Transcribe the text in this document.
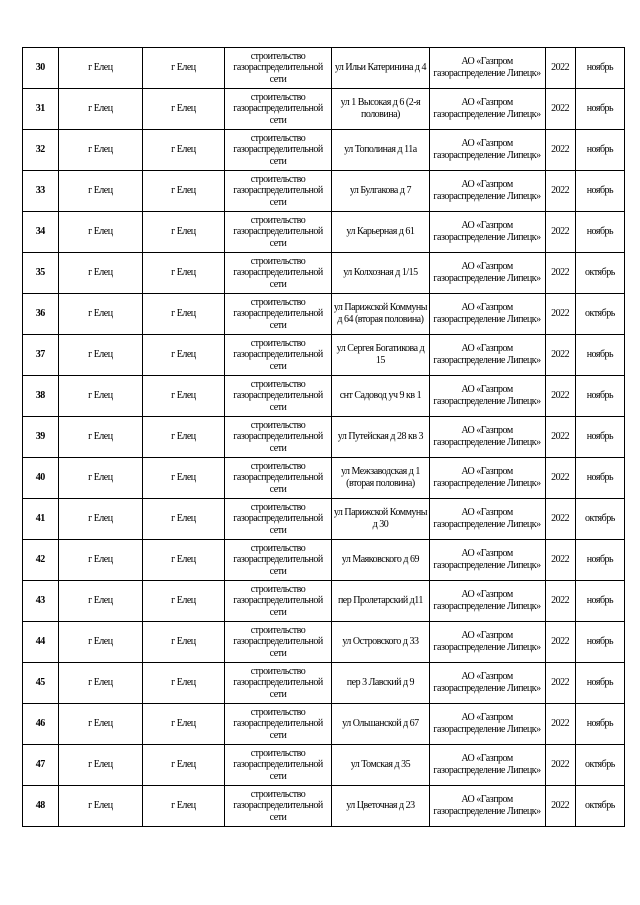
30	г Елец	г Елец	строительство газораспределительной сети	ул Ильи Катеринина д 4	АО «Газпром газораспределение Липецк»	2022	ноябрь
31	г Елец	г Елец	строительство газораспределительной сети	ул 1 Высокая д 6 (2-я половина)	АО «Газпром газораспределение Липецк»	2022	ноябрь
32	г Елец	г Елец	строительство газораспределительной сети	ул Тополиная д 11а	АО «Газпром газораспределение Липецк»	2022	ноябрь
33	г Елец	г Елец	строительство газораспределительной сети	ул Булгакова д 7	АО «Газпром газораспределение Липецк»	2022	ноябрь
34	г Елец	г Елец	строительство газораспределительной сети	ул Карьерная д 61	АО «Газпром газораспределение Липецк»	2022	ноябрь
35	г Елец	г Елец	строительство газораспределительной сети	ул Колхозная д 1/15	АО «Газпром газораспределение Липецк»	2022	октябрь
36	г Елец	г Елец	строительство газораспределительной сети	ул Парижской Коммуны д 64 (вторая половина)	АО «Газпром газораспределение Липецк»	2022	октябрь
37	г Елец	г Елец	строительство газораспределительной сети	ул Сергея Богатикова д 15	АО «Газпром газораспределение Липецк»	2022	ноябрь
38	г Елец	г Елец	строительство газораспределительной сети	снт Садовод уч 9 кв 1	АО «Газпром газораспределение Липецк»	2022	ноябрь
39	г Елец	г Елец	строительство газораспределительной сети	ул Путейская д 28 кв 3	АО «Газпром газораспределение Липецк»	2022	ноябрь
40	г Елец	г Елец	строительство газораспределительной сети	ул Межзаводская д 1 (вторая половина)	АО «Газпром газораспределение Липецк»	2022	ноябрь
41	г Елец	г Елец	строительство газораспределительной сети	ул Парижской Коммуны д 30	АО «Газпром газораспределение Липецк»	2022	октябрь
42	г Елец	г Елец	строительство газораспределительной сети	ул Маяковского д 69	АО «Газпром газораспределение Липецк»	2022	ноябрь
43	г Елец	г Елец	строительство газораспределительной сети	пер Пролетарский д11	АО «Газпром газораспределение Липецк»	2022	ноябрь
44	г Елец	г Елец	строительство газораспределительной сети	ул Островского д 33	АО «Газпром газораспределение Липецк»	2022	ноябрь
45	г Елец	г Елец	строительство газораспределительной сети	пер 3 Лавский д 9	АО «Газпром газораспределение Липецк»	2022	ноябрь
46	г Елец	г Елец	строительство газораспределительной сети	ул Ольшанской д 67	АО «Газпром газораспределение Липецк»	2022	ноябрь
47	г Елец	г Елец	строительство газораспределительной сети	ул Томская д 35	АО «Газпром газораспределение Липецк»	2022	октябрь
48	г Елец	г Елец	строительство газораспределительной сети	ул Цветочная д 23	АО «Газпром газораспределение Липецк»	2022	октябрь
